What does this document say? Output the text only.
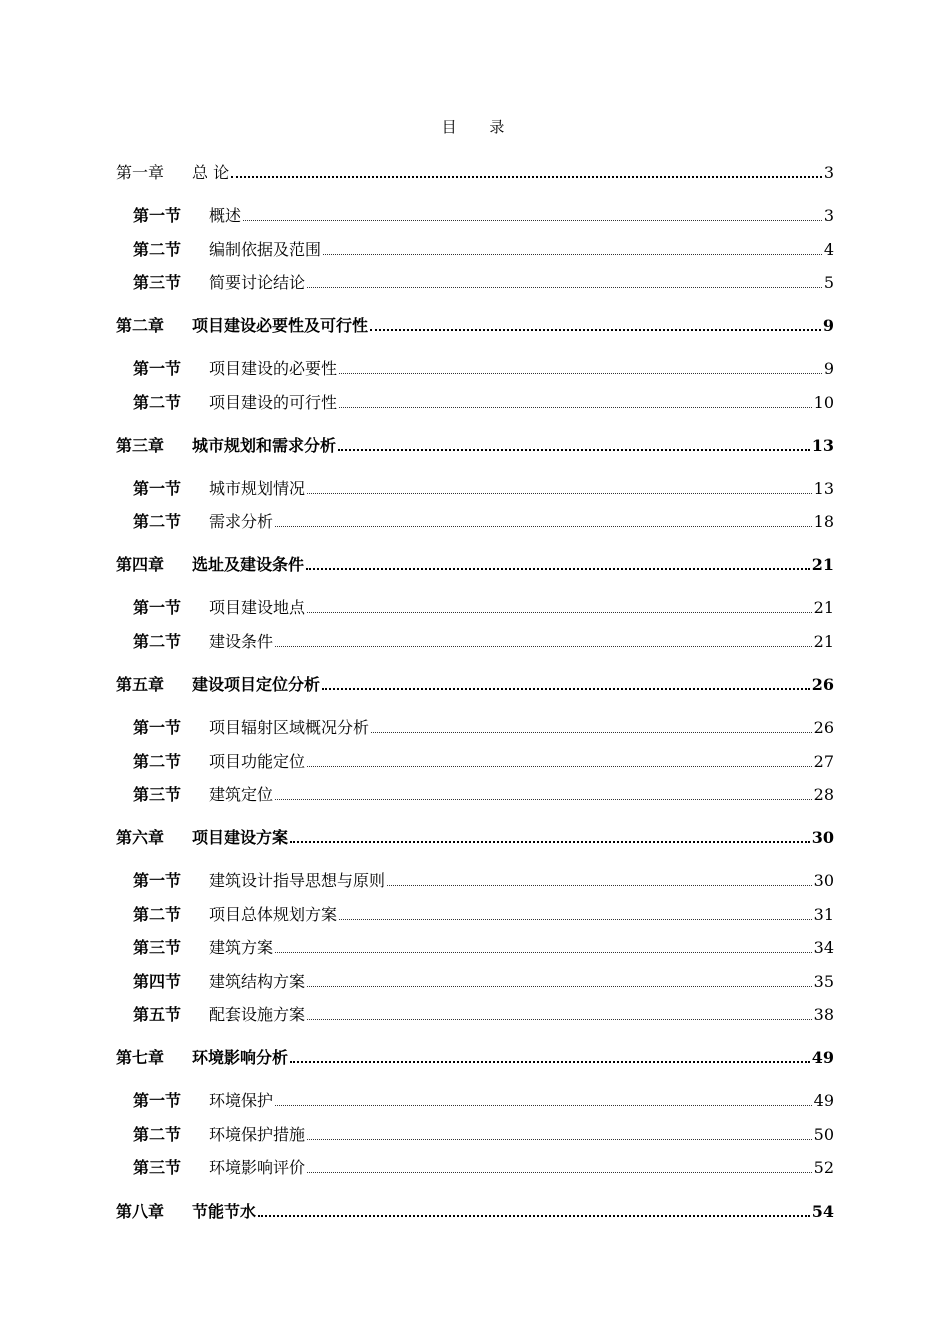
目 录
第一章	总 论	3
第一节	概述	3
第二节	编制依据及范围	4
第三节	简要讨论结论	5
第二章	项目建设必要性及可行性	9
第一节	项目建设的必要性	9
第二节	项目建设的可行性	10
第三章	城市规划和需求分析	13
第一节	城市规划情况	13
第二节	需求分析	18
第四章	选址及建设条件	21
第一节	项目建设地点	21
第二节	建设条件	21
第五章	建设项目定位分析	26
第一节	项目辐射区域概况分析	26
第二节	项目功能定位	27
第三节	建筑定位	28
第六章	项目建设方案	30
第一节	建筑设计指导思想与原则	30
第二节	项目总体规划方案	31
第三节	建筑方案	34
第四节	建筑结构方案	35
第五节	配套设施方案	38
第七章	环境影响分析	49
第一节	环境保护	49
第二节	环境保护措施	50
第三节	环境影响评价	52
第八章	节能节水	54
